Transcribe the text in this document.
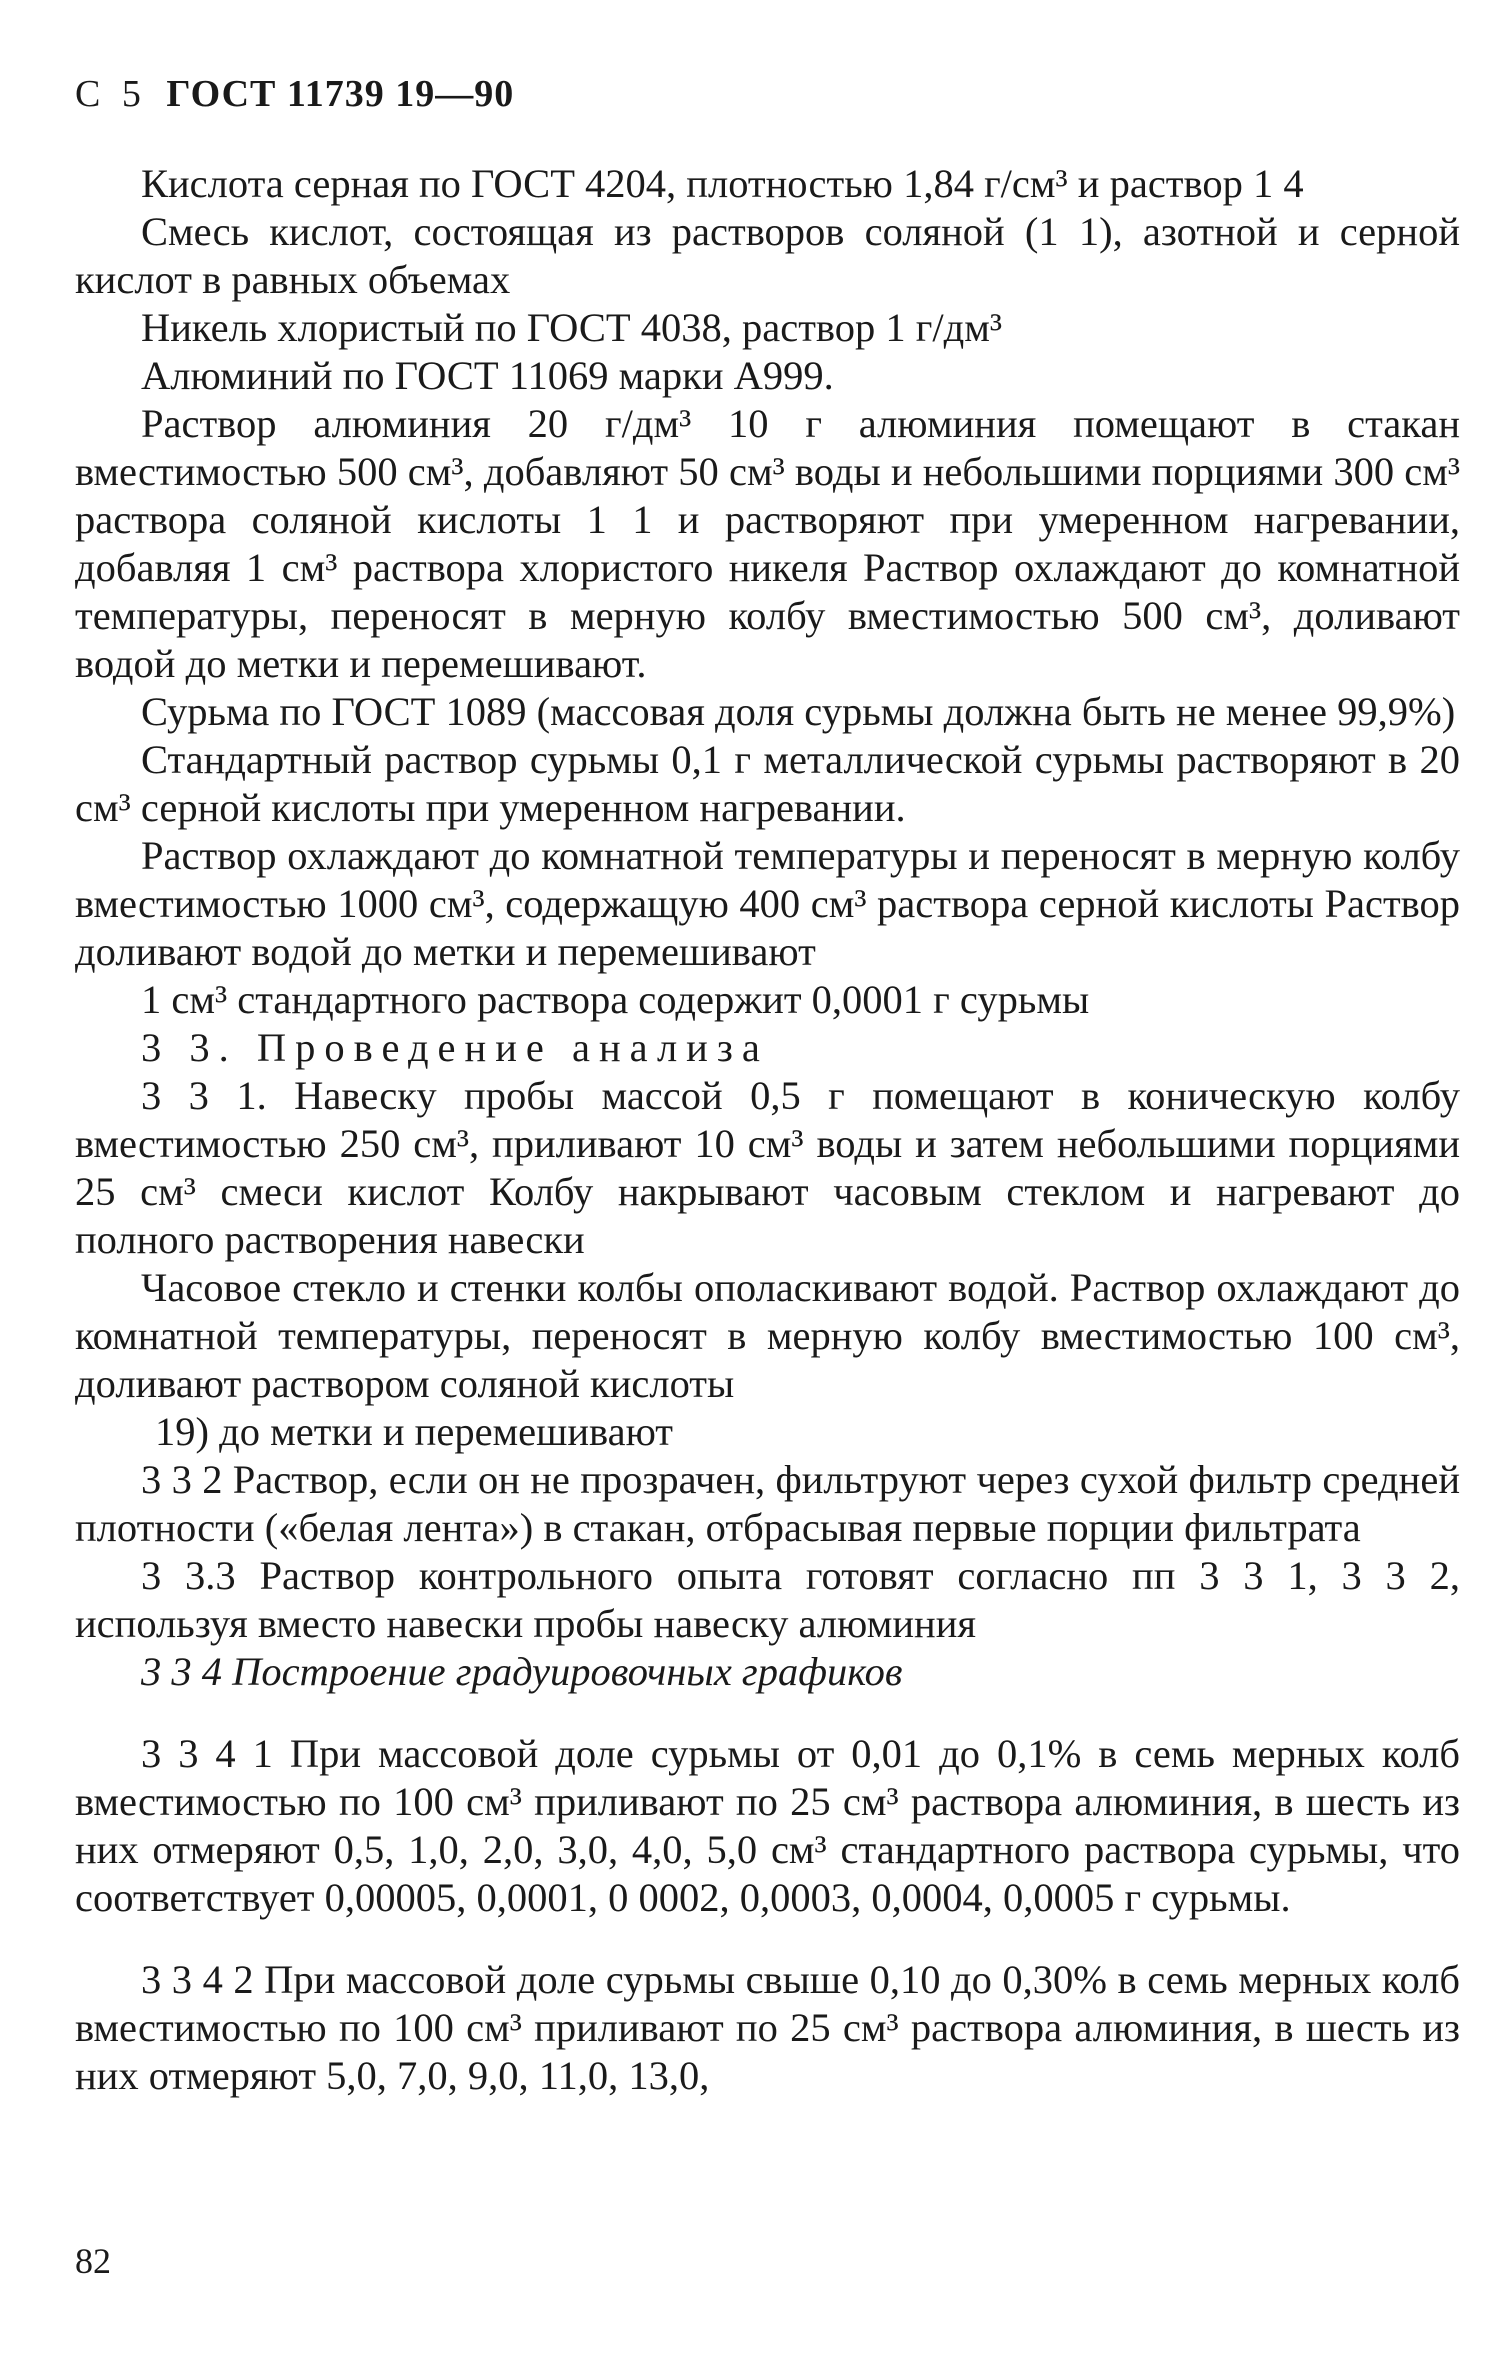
С 5 ГОСТ 11739 19—90

Кислота серная по ГОСТ 4204, плотностью 1,84 г/см³ и раствор 1 4

Смесь кислот, состоящая из растворов соляной (1 1), азотной и серной кислот в равных объемах

Никель хлористый по ГОСТ 4038, раствор 1 г/дм³

Алюминий по ГОСТ 11069 марки А999.

Раствор алюминия 20 г/дм³ 10 г алюминия помещают в стакан вместимостью 500 см³, добавляют 50 см³ воды и небольшими порциями 300 см³ раствора соляной кислоты 1 1 и растворяют при умеренном нагревании, добавляя 1 см³ раствора хлористого никеля Раствор охлаждают до комнатной температуры, переносят в мерную колбу вместимостью 500 см³, доливают водой до метки и перемешивают.

Сурьма по ГОСТ 1089 (массовая доля сурьмы должна быть не менее 99,9%)

Стандартный раствор сурьмы 0,1 г металлической сурьмы растворяют в 20 см³ серной кислоты при умеренном нагревании.

Раствор охлаждают до комнатной температуры и переносят в мерную колбу вместимостью 1000 см³, содержащую 400 см³ раствора серной кислоты Раствор доливают водой до метки и перемешивают

1 см³ стандартного раствора содержит 0,0001 г сурьмы

3 3. Проведение анализа

3 3 1. Навеску пробы массой 0,5 г помещают в коническую колбу вместимостью 250 см³, приливают 10 см³ воды и затем небольшими порциями 25 см³ смеси кислот Колбу накрывают часовым стеклом и нагревают до полного растворения навески

Часовое стекло и стенки колбы ополаскивают водой. Раствор охлаждают до комнатной температуры, переносят в мерную колбу вместимостью 100 см³, доливают раствором соляной кислоты

19) до метки и перемешивают

3 3 2 Раствор, если он не прозрачен, фильтруют через сухой фильтр средней плотности («белая лента») в стакан, отбрасывая первые порции фильтрата

3 3.3 Раствор контрольного опыта готовят согласно пп 3 3 1, 3 3 2, используя вместо навески пробы навеску алюминия

3 3 4 Построение градуировочных графиков

3 3 4 1 При массовой доле сурьмы от 0,01 до 0,1% в семь мерных колб вместимостью по 100 см³ приливают по 25 см³ раствора алюминия, в шесть из них отмеряют 0,5, 1,0, 2,0, 3,0, 4,0, 5,0 см³ стандартного раствора сурьмы, что соответствует 0,00005, 0,0001, 0 0002, 0,0003, 0,0004, 0,0005 г сурьмы.

3 3 4 2 При массовой доле сурьмы свыше 0,10 до 0,30% в семь мерных колб вместимостью по 100 см³ приливают по 25 см³ раствора алюминия, в шесть из них отмеряют 5,0, 7,0, 9,0, 11,0, 13,0,

82
